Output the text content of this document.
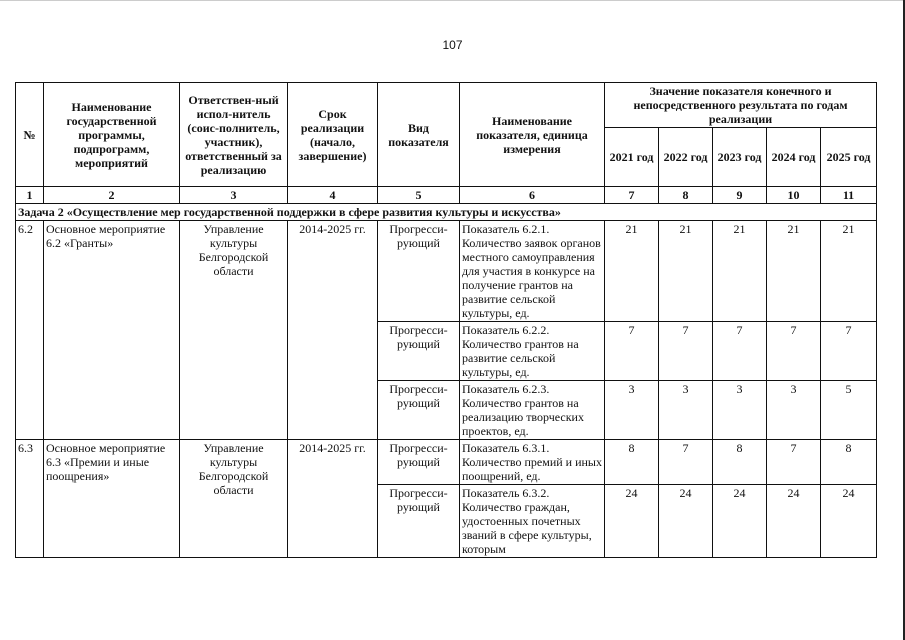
107
№	Наименование государственной программы, подпрограмм, мероприятий	Ответствен-ный испол-нитель (соис-полнитель, участник), ответственный за реализацию	Срок реализации (начало, завершение)	Вид показателя	Наименование показателя, единица измерения	Значение показателя конечного и непосредственного результата по годам реализации				
						2021 год	2022 год	2023 год	2024 год	2025 год
1	2	3	4	5	6	7	8	9	10	11
Задача 2 «Осуществление мер государственной поддержки в сфере развития культуры и искусства»										
6.2	Основное мероприятие 6.2 «Гранты»	Управление культуры Белгородской области	2014-2025 гг.	Прогресси-рующий	Показатель 6.2.1. Количество заявок органов местного самоуправления для участия в конкурсе на получение грантов на развитие сельской культуры, ед.	21	21	21	21	21
				Прогресси-рующий	Показатель 6.2.2. Количество грантов на развитие сельской культуры, ед.	7	7	7	7	7
				Прогресси-рующий	Показатель 6.2.3. Количество грантов на реализацию творческих проектов, ед.	3	3	3	3	5
6.3	Основное мероприятие 6.3 «Премии и иные поощрения»	Управление культуры Белгородской области	2014-2025 гг.	Прогресси-рующий	Показатель 6.3.1. Количество премий и иных поощрений, ед.	8	7	8	7	8
				Прогресси-рующий	Показатель 6.3.2. Количество граждан, удостоенных почетных званий в сфере культуры, которым	24	24	24	24	24
